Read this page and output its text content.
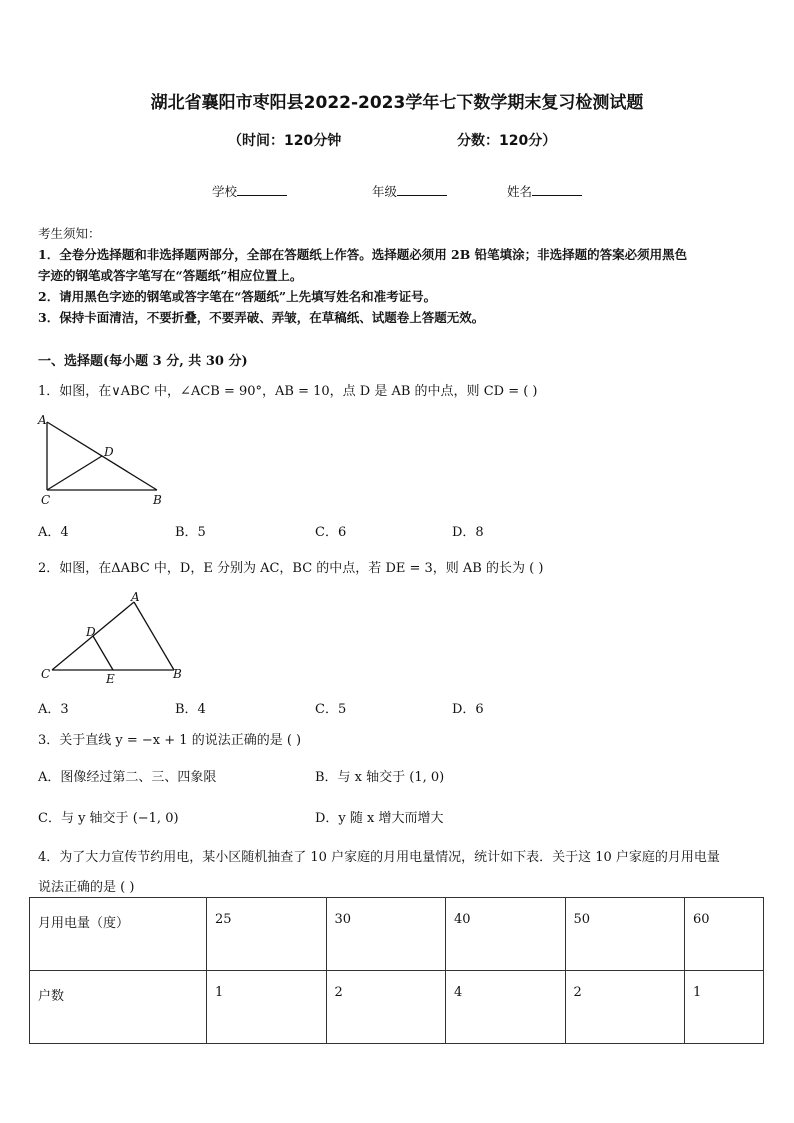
湖北省襄阳市枣阳县2022-2023学年七下数学期末复习检测试题
（时间：120分钟	分数：120分）
学校	年级	姓名
考生须知：
1．全卷分选择题和非选择题两部分，全部在答题纸上作答。选择题必须用 2B 铅笔填涂；非选择题的答案必须用黑色
字迹的钢笔或答字笔写在“答题纸”相应位置上。
2．请用黑色字迹的钢笔或答字笔在“答题纸”上先填写姓名和准考证号。
3．保持卡面清洁，不要折叠，不要弄破、弄皱，在草稿纸、试题卷上答题无效。
一、选择题(每小题 3 分, 共 30 分)
1．如图，在∨ABC 中，∠ACB = 90°，AB = 10，点 D 是 AB 的中点，则 CD = ( )
A
D
C	B
A．4	B．5	C．6	D．8
2．如图，在ΔABC 中，D，E 分别为 AC，BC 的中点，若 DE = 3，则 AB 的长为 ( )
A
D
C	B
E
A．3	B．4	C．5	D．6
3．关于直线 y = −x + 1 的说法正确的是 ( )
A．图像经过第二、三、四象限	B．与 x 轴交于 (1, 0)
C．与 y 轴交于 (−1, 0)	D．y 随 x 增大而增大
4．为了大力宣传节约用电，某小区随机抽查了 10 户家庭的月用电量情况，统计如下表．关于这 10 户家庭的月用电量
说法正确的是 ( )
月用电量（度）	25	30	40	50	60
户数	1	2	4	2	1
